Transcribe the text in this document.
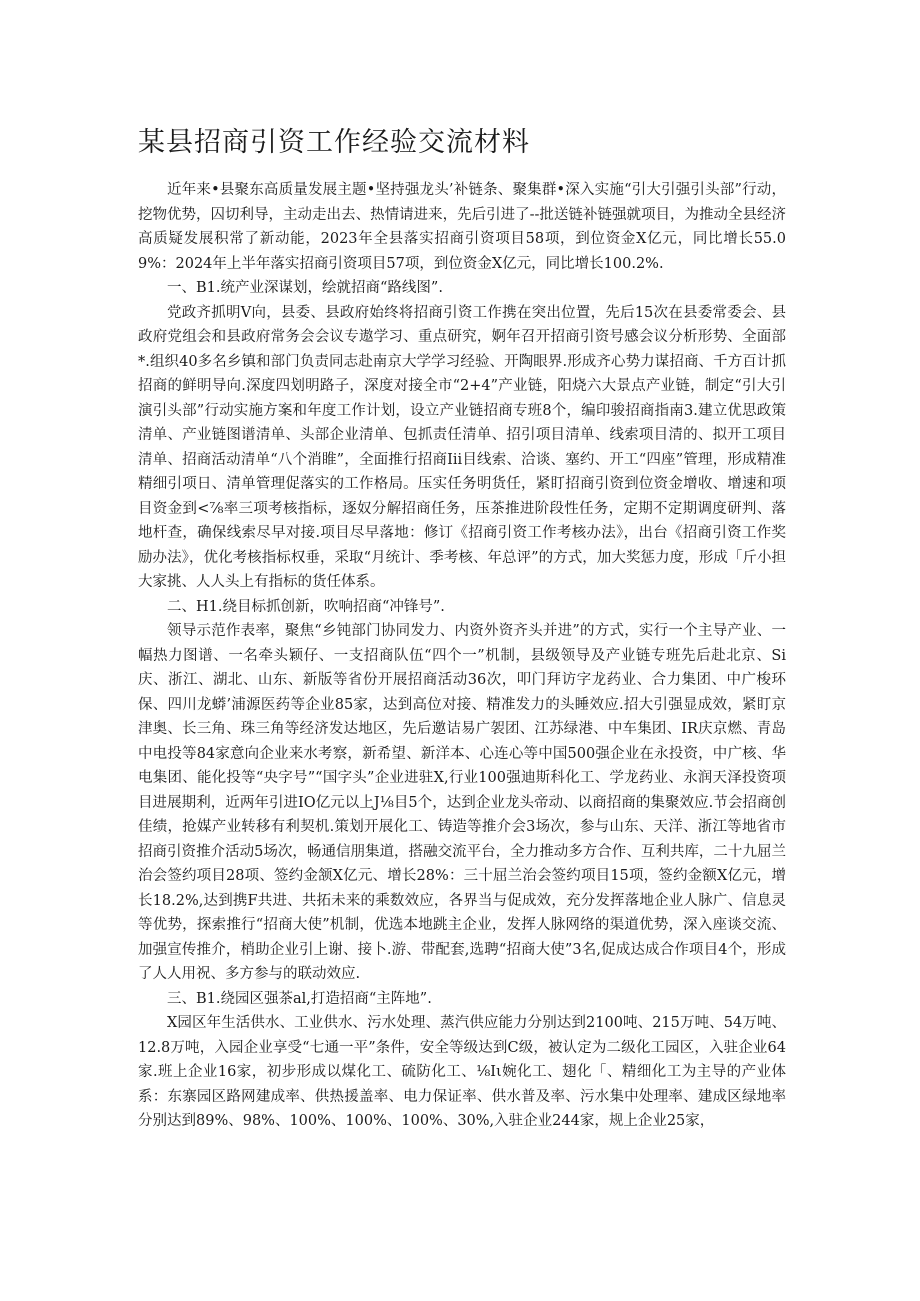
某县招商引资工作经验交流材料

近年来•县聚东高质量发展主题•坚持强龙头’补链条、聚集群•深入实施“引大引强引头部”行动，挖物优势，囚切利导，主动走出去、热情请进来，先后引进了--批送链补链强就项目，为推动全县经济高质疑发展积常了新动能，2023年全县落实招商引资项目58项，到位资金X亿元，同比增长55.09%：2024年上半年落实招商引资项目57项，到位资金X亿元，同比增长100.2%.

一、B1.统产业深谋划，绘就招商“路线图”.

党政齐抓明V向，县委、县政府始终将招商引资工作携在突出位置，先后15次在县委常委会、县政府党组会和县政府常务会会议专遨学习、重点研究，婀年召开招商引资号感会议分析形势、全面部*.组织40多名乡镇和部门负责同志赴南京大学学习经验、开陶眼界.形成齐心势力谋招商、千方百计抓招商的鲜明导向.深度四划明路子，深度对接全市“2+4”产业链，阳烧六大景点产业链，制定“引大引演引头部”行动实施方案和年度工作计划，设立产业链招商专班8个，编印骏招商指南3.建立优思政策清单、产业链图谱清单、头部企业清单、包抓责任清单、招引项目清单、线索项目清的、拟开工项目清单、招商活动清单“八个消睢”，全面推行招商Iii目线索、洽谈、塞约、开工“四座”管理，形成精准精细引项日、清单管理促落实的工作格局。压实任务明货任，紧盯招商引资到位资金增收、增速和项目资金到<⅞率三项考核指标，逐奴分解招商任务，压茶推进阶段性任务，定期不定期调度研判、落地杆查，确保线索尽早对接.项目尽早落地：修订《招商引资工作考核办法》，出台《招商引资工作奖励办法》，优化考核指标权垂，采取“月统计、季考核、年总评”的方式，加大奖惩力度，形成「斤小担大家挑、人人头上有指标的货任体系。

二、H1.绕目标抓创新，吹响招商“冲锋号”.

领导示范作表率，聚焦“乡钝部门协同发力、内资外资齐头并进”的方式，实行一个主导产业、一幅热力图谱、一名牵头颖仔、一支招商队伍“四个一”机制，县级领导及产业链专班先后赴北京、Si庆、浙江、湖北、山东、新版等省份开展招商活动36次，叩门拜访字龙药业、合力集团、中广梭环保、四川龙蟒’浦源医药等企业85家，达到高位对接、精准发力的头睡效应.招大引强显成效，紧盯京津奥、长三角、珠三角等经济发达地区，先后邀诘易广袈团、江苏绿港、中车集团、IR庆京燃、青岛中电投等84家意向企业来水考察，新希望、新洋本、心连心等中国500强企业在永投资，中广核、华电集团、能化投等“央字号”“国字头”企业进驻X,行业100强迪斯科化工、学龙药业、永润天泽投资项目进展期利，近两年引进IO亿元以上J⅛目5个，达到企业龙头帝动、以商招商的集聚效应.节会招商创佳绩，抢媒产业转移有利契机.策划开展化工、铸造等推介会3场次，参与山东、天洋、浙江等地省市招商引资推介活动5场次，畅通信朋集道，搭融交流平台，全力推动多方合作、互利共库，二十九屈兰治会签约项目28项、签约金颔X亿元、增长28%：三十屈兰治会签约项目15项，签约金额X亿元，增长18.2%,达到携F共进、共拓未来的乘数效应，各界当与促成效，充分发挥落地企业人脉广、信息灵等优势，探索推行“招商大使”机制，优选本地跳主企业，发挥人脉网络的渠道优势，深入座谈交流、加强宣传推介，梢助企业引上谢、接卜.游、带配套,选聘“招商大使”3名,促成达成合作项目4个，形成了人人用祝、多方参与的联动效应.

三、B1.绕园区强茶al,打造招商“主阵地”.

X园区年生活供水、工业供水、污水处理、蒸汽供应能力分别达到2100吨、215万吨、54万吨、12.8万吨，入园企业享受“七通一平”条件，安全等级达到C级，被认定为二级化工园区，入驻企业64家.班上企业16家，初步形成以煤化工、硫防化工、⅛Iι婉化工、翅化「、精细化工为主导的产业体系：东寨园区路网建成率、供热援盖率、电力保证率、供水普及率、污水集中处理率、建成区绿地率分别达到89%、98%、100%、100%、100%、30%,入驻企业244家，规上企业25家，
